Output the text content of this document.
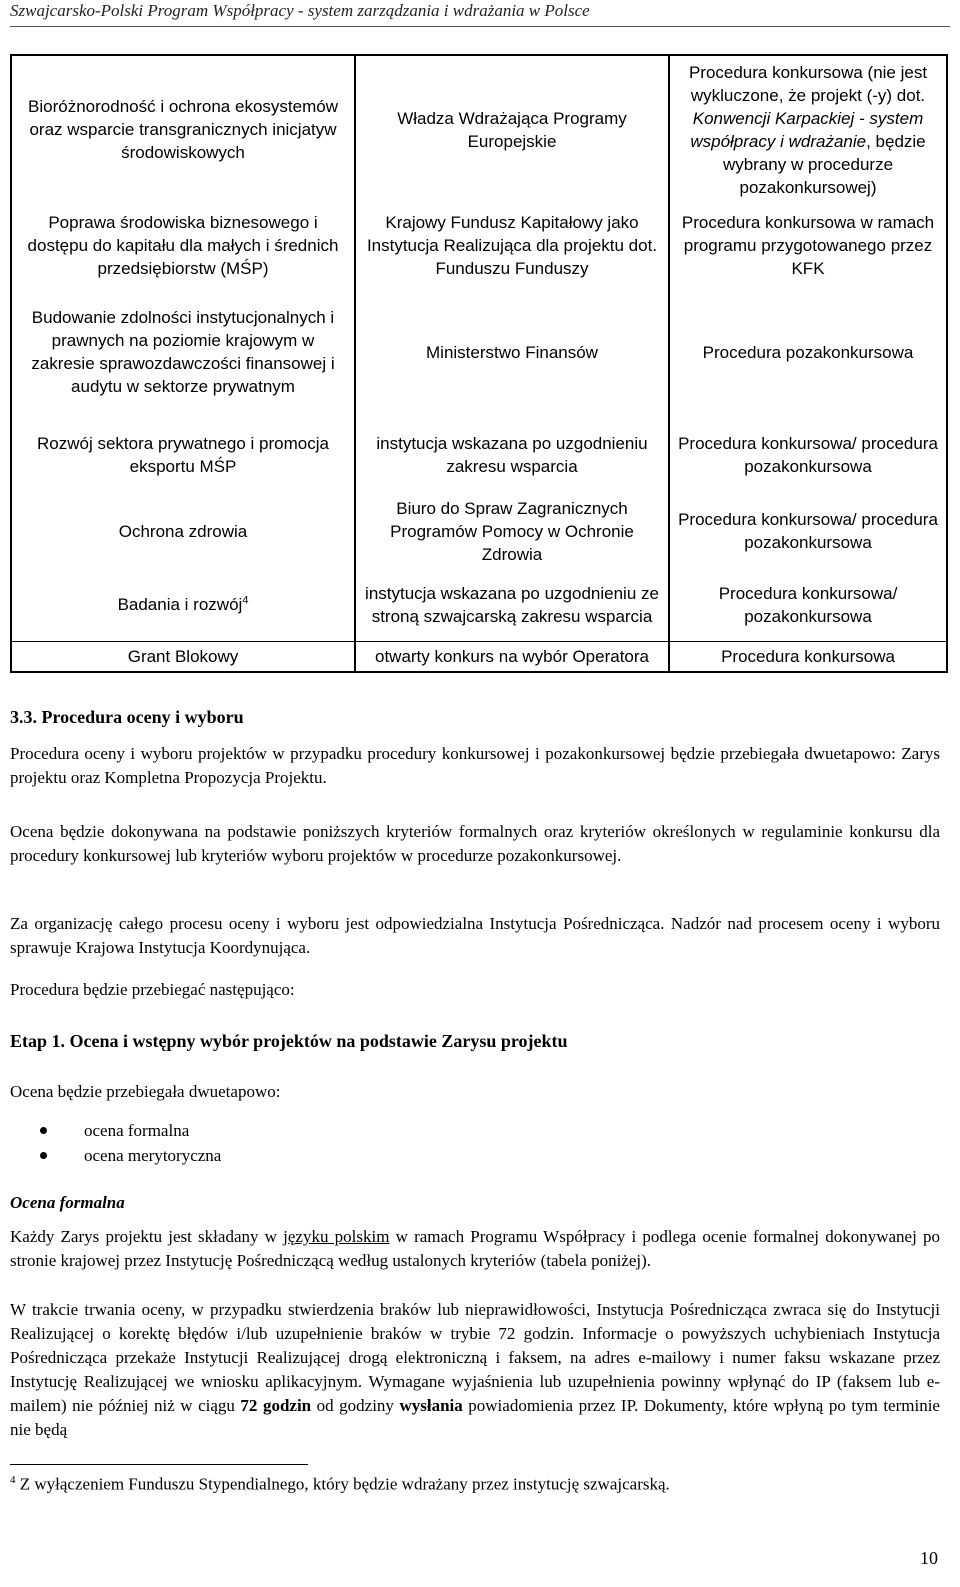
Szwajcarsko-Polski Program Współpracy - system zarządzania i wdrażania w Polsce
Bioróżnorodność i ochrona ekosystemów oraz wsparcie transgranicznych inicjatyw środowiskowych	Władza Wdrażająca Programy Europejskie	Procedura konkursowa (nie jest wykluczone, że projekt (-y) dot. Konwencji Karpackiej - system współpracy i wdrażanie, będzie wybrany w procedurze pozakonkursowej)
Poprawa środowiska biznesowego i dostępu do kapitału dla małych i średnich przedsiębiorstw (MŚP)	Krajowy Fundusz Kapitałowy jako Instytucja Realizująca dla projektu dot. Funduszu Funduszy	Procedura konkursowa w ramach programu przygotowanego przez KFK
Budowanie zdolności instytucjonalnych i prawnych na poziomie krajowym w zakresie sprawozdawczości finansowej i audytu w sektorze prywatnym	Ministerstwo Finansów	Procedura pozakonkursowa
Rozwój sektora prywatnego i promocja eksportu MŚP	instytucja wskazana po uzgodnieniu zakresu wsparcia	Procedura konkursowa/ procedura pozakonkursowa
Ochrona zdrowia	Biuro do Spraw Zagranicznych Programów Pomocy w Ochronie Zdrowia	Procedura konkursowa/ procedura pozakonkursowa
Badania i rozwój$^4$	instytucja wskazana po uzgodnieniu ze stroną szwajcarską zakresu wsparcia	Procedura konkursowa/ pozakonkursowa
Grant Blokowy	otwarty konkurs na wybór Operatora	Procedura konkursowa
3.3. Procedura oceny i wyboru

Procedura oceny i wyboru projektów w przypadku procedury konkursowej i pozakonkursowej będzie przebiegała dwuetapowo: Zarys projektu oraz Kompletna Propozycja Projektu.

Ocena będzie dokonywana na podstawie poniższych kryteriów formalnych oraz kryteriów określonych w regulaminie konkursu dla procedury konkursowej lub kryteriów wyboru projektów w procedurze pozakonkursowej.

Za organizację całego procesu oceny i wyboru jest odpowiedzialna Instytucja Pośrednicząca. Nadzór nad procesem oceny i wyboru sprawuje Krajowa Instytucja Koordynująca.

Procedura będzie przebiegać następująco:

Etap 1. Ocena i wstępny wybór projektów na podstawie Zarysu projektu

Ocena będzie przebiegała dwuetapowo:

ocena formalna
ocena merytoryczna
Ocena formalna

Każdy Zarys projektu jest składany w języku polskim w ramach Programu Współpracy i podlega ocenie formalnej dokonywanej po stronie krajowej przez Instytucję Pośredniczącą według ustalonych kryteriów (tabela poniżej).

W trakcie trwania oceny, w przypadku stwierdzenia braków lub nieprawidłowości, Instytucja Pośrednicząca zwraca się do Instytucji Realizującej o korektę błędów i/lub uzupełnienie braków w trybie 72 godzin. Informacje o powyższych uchybieniach Instytucja Pośrednicząca przekaże Instytucji Realizującej drogą elektroniczną i faksem, na adres e-mailowy i numer faksu wskazane przez Instytucję Realizującej we wniosku aplikacyjnym. Wymagane wyjaśnienia lub uzupełnienia powinny wpłynąć do IP (faksem lub e-mailem) nie później niż w ciągu 72 godzin od godziny wysłania powiadomienia przez IP. Dokumenty, które wpłyną po tym terminie nie będą

$^4$ Z wyłączeniem Funduszu Stypendialnego, który będzie wdrażany przez instytucję szwajcarską.
10
